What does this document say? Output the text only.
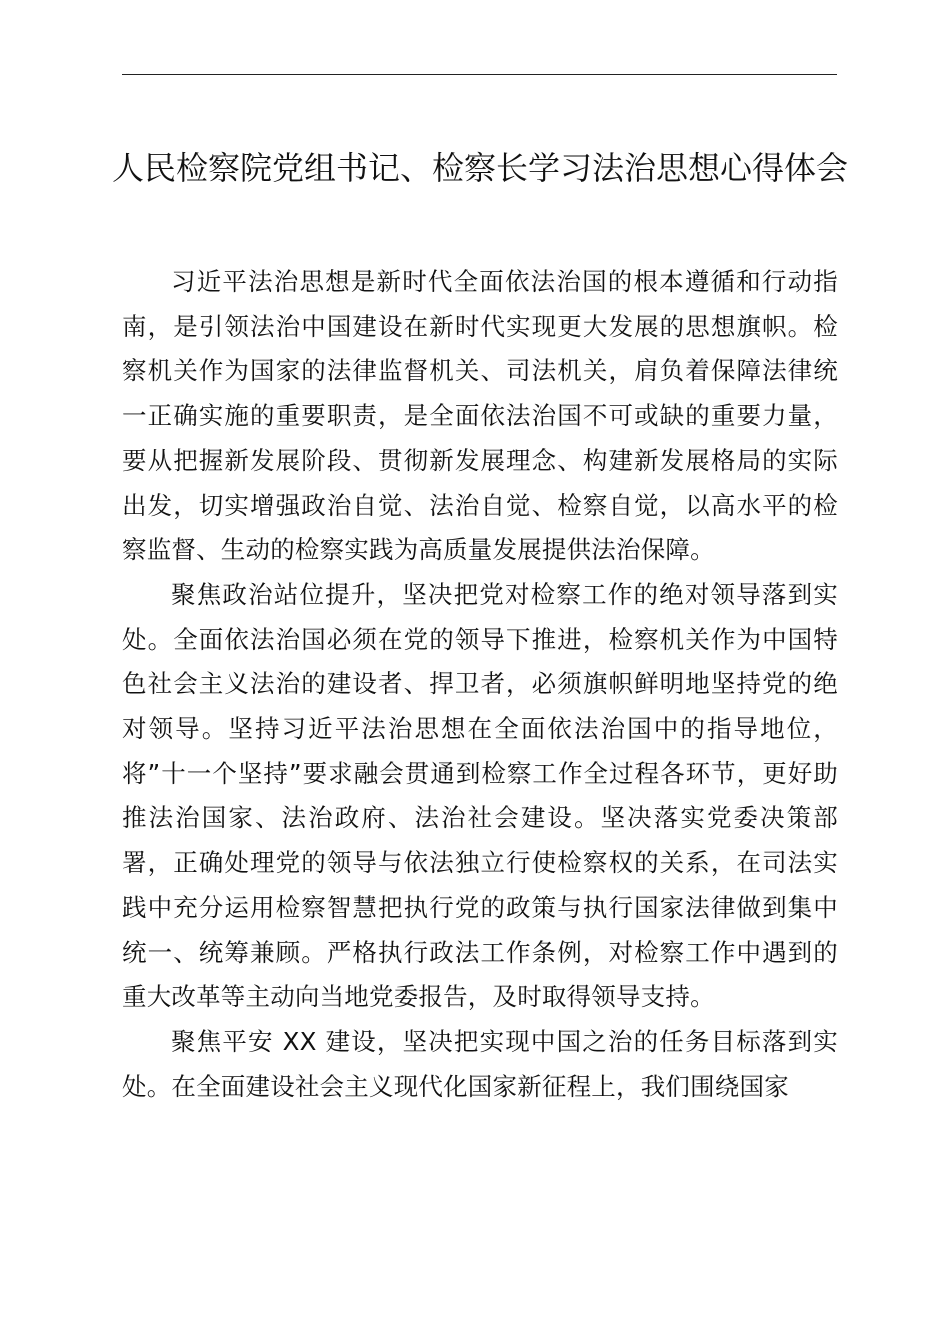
人民检察院党组书记、检察长学习法治思想心得体会

习近平法治思想是新时代全面依法治国的根本遵循和行动指南，是引领法治中国建设在新时代实现更大发展的思想旗帜。检察机关作为国家的法律监督机关、司法机关，肩负着保障法律统一正确实施的重要职责，是全面依法治国不可或缺的重要力量，要从把握新发展阶段、贯彻新发展理念、构建新发展格局的实际出发，切实增强政治自觉、法治自觉、检察自觉，以高水平的检察监督、生动的检察实践为高质量发展提供法治保障。

聚焦政治站位提升，坚决把党对检察工作的绝对领导落到实处。全面依法治国必须在党的领导下推进，检察机关作为中国特色社会主义法治的建设者、捍卫者，必须旗帜鲜明地坚持党的绝对领导。坚持习近平法治思想在全面依法治国中的指导地位，将”十一个坚持”要求融会贯通到检察工作全过程各环节，更好助推法治国家、法治政府、法治社会建设。坚决落实党委决策部署，正确处理党的领导与依法独立行使检察权的关系，在司法实践中充分运用检察智慧把执行党的政策与执行国家法律做到集中统一、统筹兼顾。严格执行政法工作条例，对检察工作中遇到的重大改革等主动向当地党委报告，及时取得领导支持。

聚焦平安 XX 建设，坚决把实现中国之治的任务目标落到实处。在全面建设社会主义现代化国家新征程上，我们围绕国家
